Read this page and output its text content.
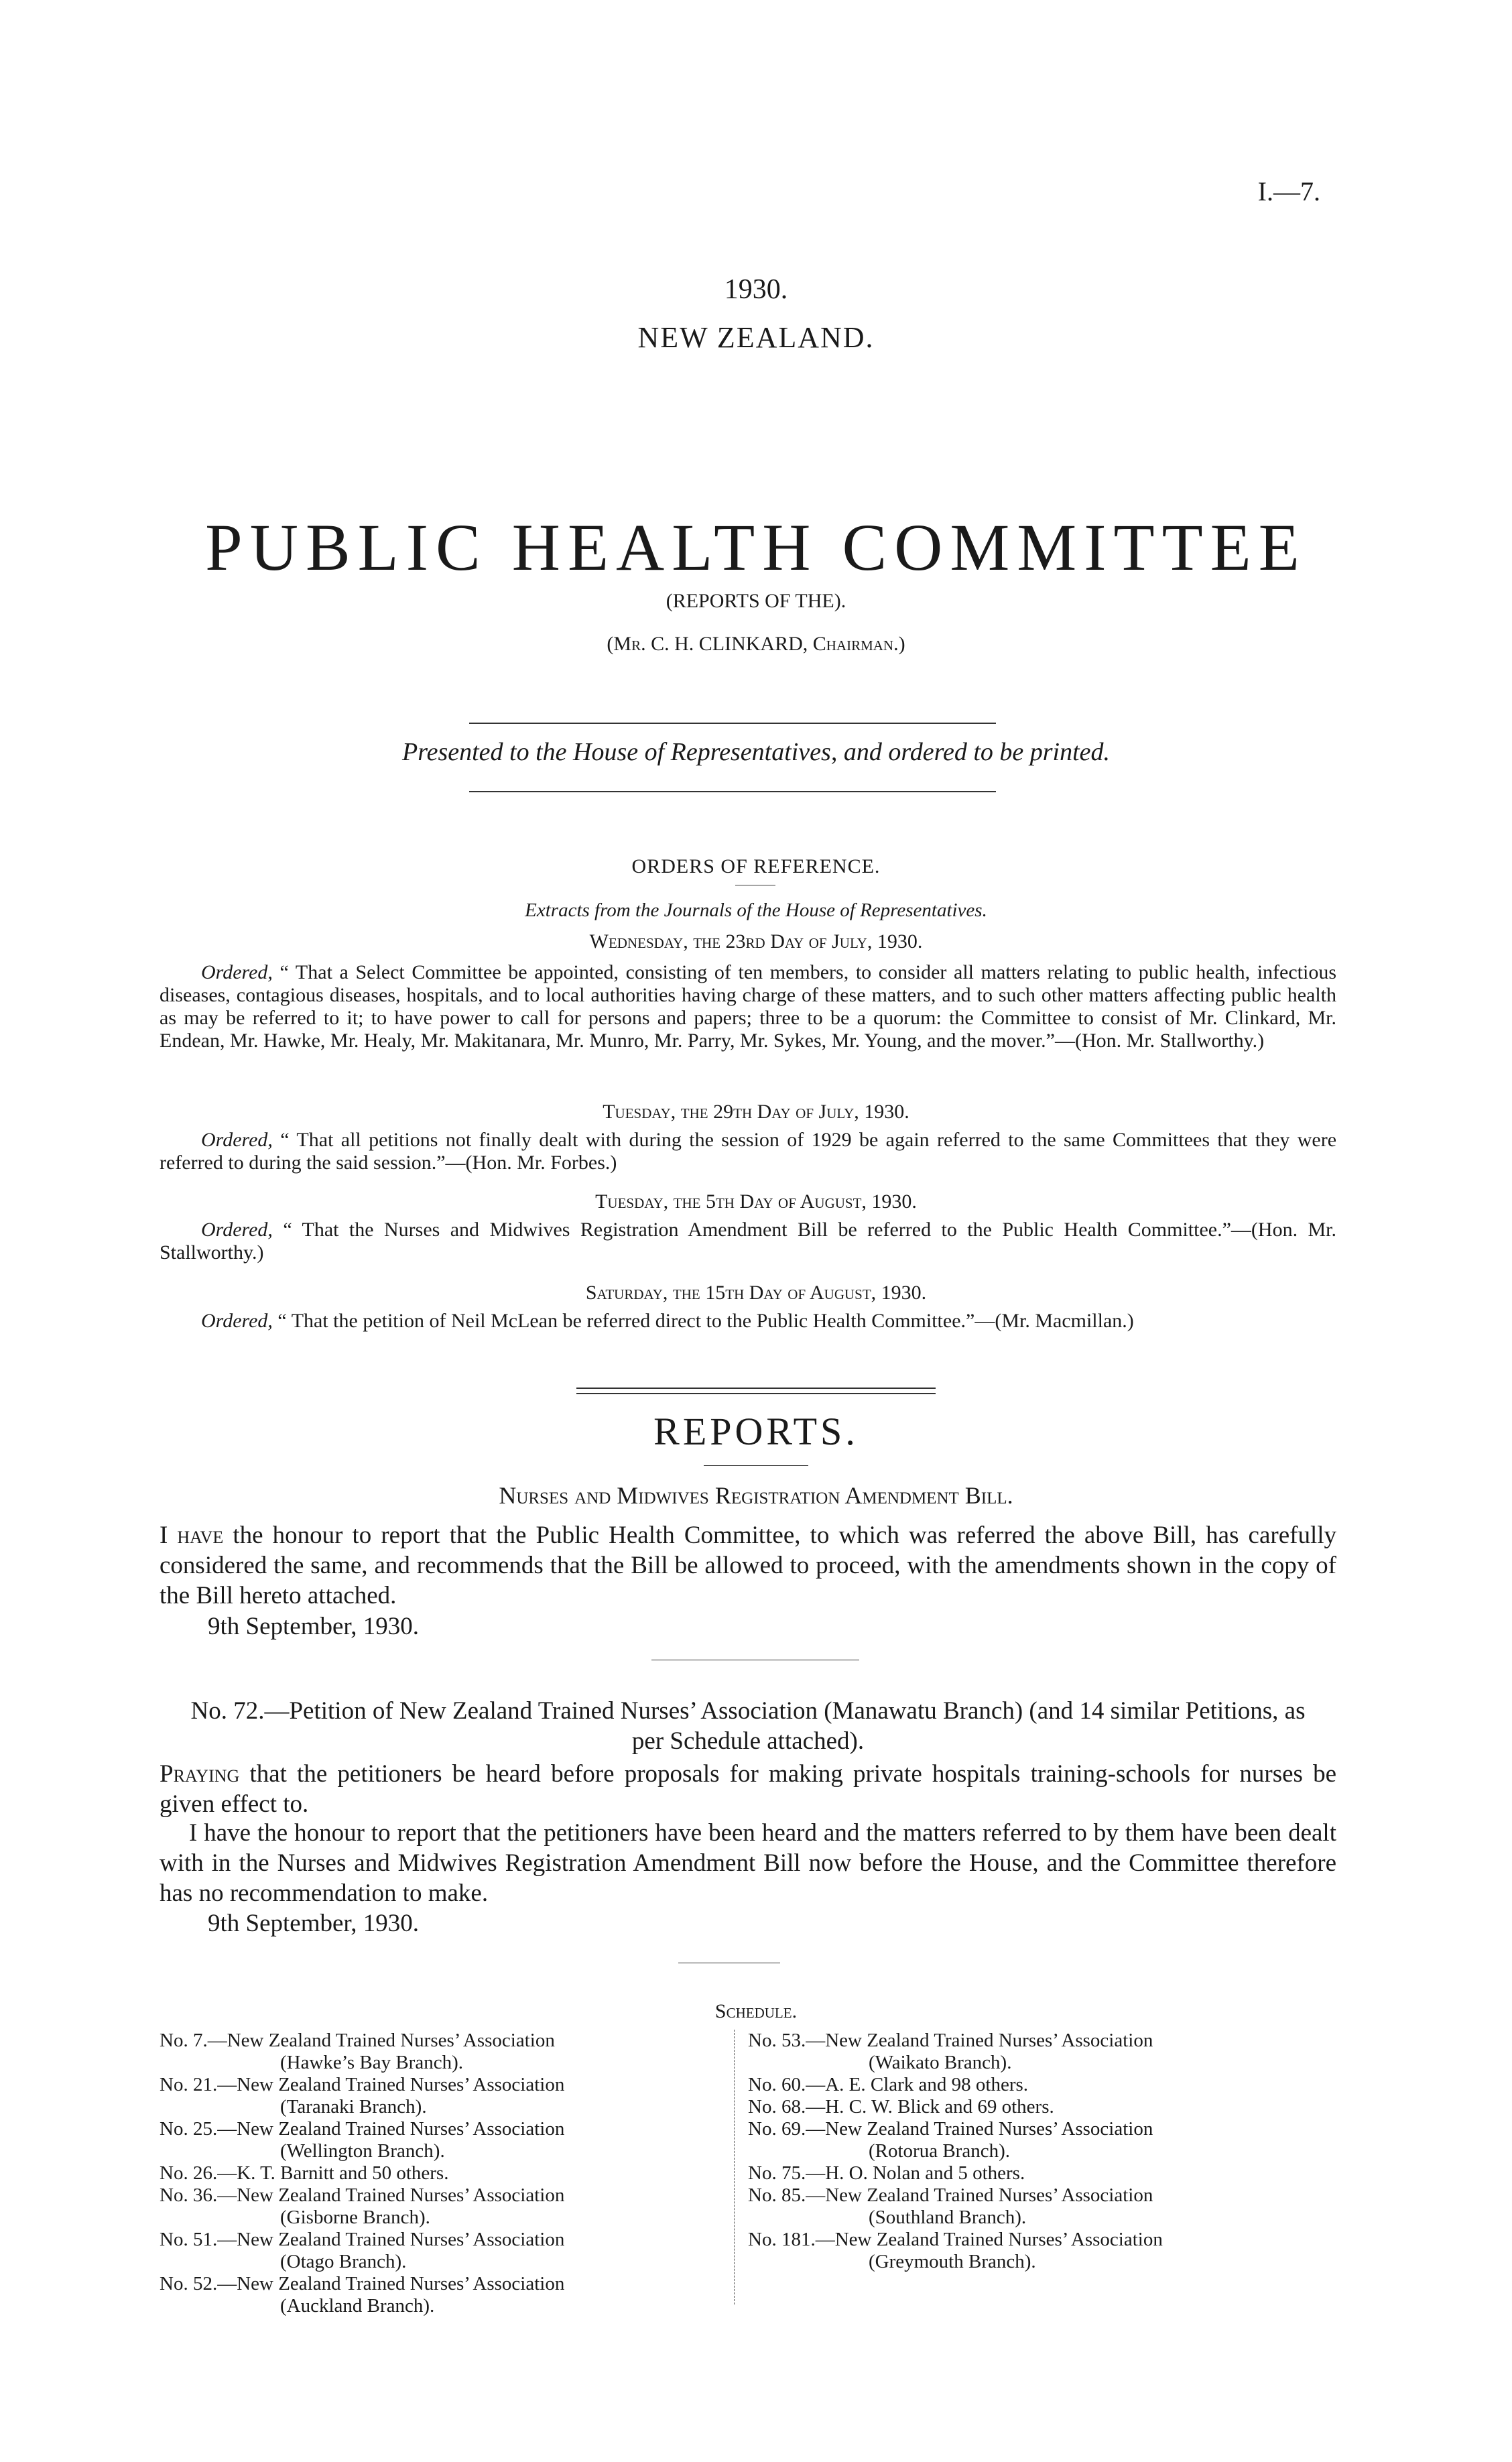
I.—7.
1930.
NEW ZEALAND.
PUBLIC HEALTH COMMITTEE
(REPORTS OF THE).
(Mr. C. H. CLINKARD, Chairman.)
Presented to the House of Representatives, and ordered to be printed.
ORDERS OF REFERENCE.
Extracts from the Journals of the House of Representatives.
Wednesday, the 23rd Day of July, 1930.
Ordered, “ That a Select Committee be appointed, consisting of ten members, to consider all matters relating to public health, infectious diseases, contagious diseases, hospitals, and to local authorities having charge of these matters, and to such other matters affecting public health as may be referred to it; to have power to call for persons and papers; three to be a quorum: the Committee to consist of Mr. Clinkard, Mr. Endean, Mr. Hawke, Mr. Healy, Mr. Makitanara, Mr. Munro, Mr. Parry, Mr. Sykes, Mr. Young, and the mover.”—(Hon. Mr. Stallworthy.)
Tuesday, the 29th Day of July, 1930.
Ordered, “ That all petitions not finally dealt with during the session of 1929 be again referred to the same Committees that they were referred to during the said session.”—(Hon. Mr. Forbes.)
Tuesday, the 5th Day of August, 1930.
Ordered, “ That the Nurses and Midwives Registration Amendment Bill be referred to the Public Health Committee.”—(Hon. Mr. Stallworthy.)
Saturday, the 15th Day of August, 1930.
Ordered, “ That the petition of Neil McLean be referred direct to the Public Health Committee.”—(Mr. Macmillan.)
REPORTS.
Nurses and Midwives Registration Amendment Bill.
I have the honour to report that the Public Health Committee, to which was referred the above Bill, has carefully considered the same, and recommends that the Bill be allowed to proceed, with the amendments shown in the copy of the Bill hereto attached.
9th September, 1930.
No. 72.—Petition of New Zealand Trained Nurses’ Association (Manawatu Branch) (and 14 similar Petitions, as per Schedule attached).
Praying that the petitioners be heard before proposals for making private hospitals training-schools for nurses be given effect to.
I have the honour to report that the petitioners have been heard and the matters referred to by them have been dealt with in the Nurses and Midwives Registration Amendment Bill now before the House, and the Committee therefore has no recommendation to make.
9th September, 1930.
Schedule.
No. 7.—New Zealand Trained Nurses’ Association
(Hawke’s Bay Branch).
No. 21.—New Zealand Trained Nurses’ Association
(Taranaki Branch).
No. 25.—New Zealand Trained Nurses’ Association
(Wellington Branch).
No. 26.—K. T. Barnitt and 50 others.
No. 36.—New Zealand Trained Nurses’ Association
(Gisborne Branch).
No. 51.—New Zealand Trained Nurses’ Association
(Otago Branch).
No. 52.—New Zealand Trained Nurses’ Association
(Auckland Branch).
No. 53.—New Zealand Trained Nurses’ Association
(Waikato Branch).
No. 60.—A. E. Clark and 98 others.
No. 68.—H. C. W. Blick and 69 others.
No. 69.—New Zealand Trained Nurses’ Association
(Rotorua Branch).
No. 75.—H. O. Nolan and 5 others.
No. 85.—New Zealand Trained Nurses’ Association
(Southland Branch).
No. 181.—New Zealand Trained Nurses’ Association
(Greymouth Branch).
